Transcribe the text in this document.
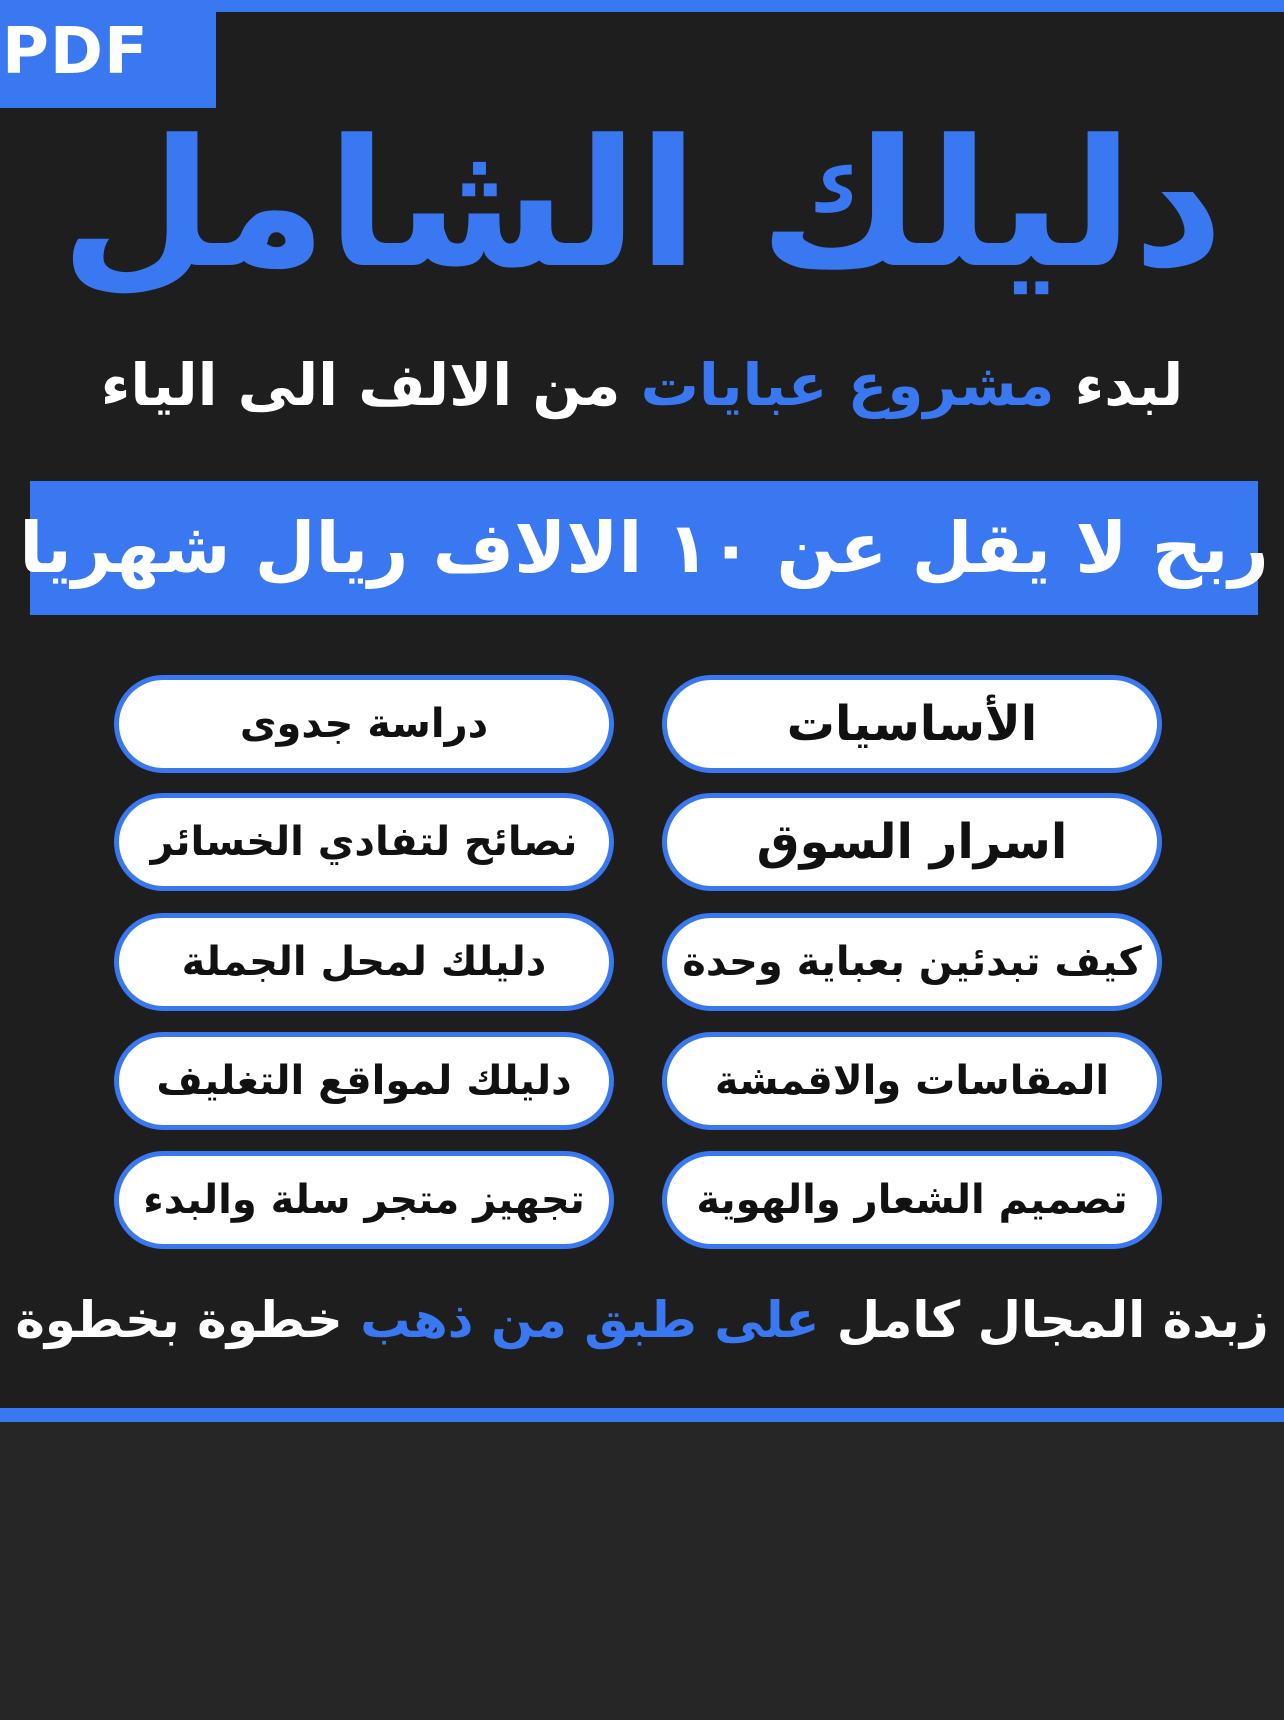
PDF
دليلك الشامل
لبدء مشروع عبايات من الالف الى الياء
ربح لا يقل عن ١٠ الالاف ريال شهريا
الأساسيات
اسرار السوق
كيف تبدئين بعباية وحدة
المقاسات والاقمشة
تصميم الشعار والهوية
دراسة جدوى
نصائح لتفادي الخسائر
دليلك لمحل الجملة
دليلك لمواقع التغليف
تجهيز متجر سلة والبدء
زبدة المجال كامل على طبق من ذهب خطوة بخطوة
